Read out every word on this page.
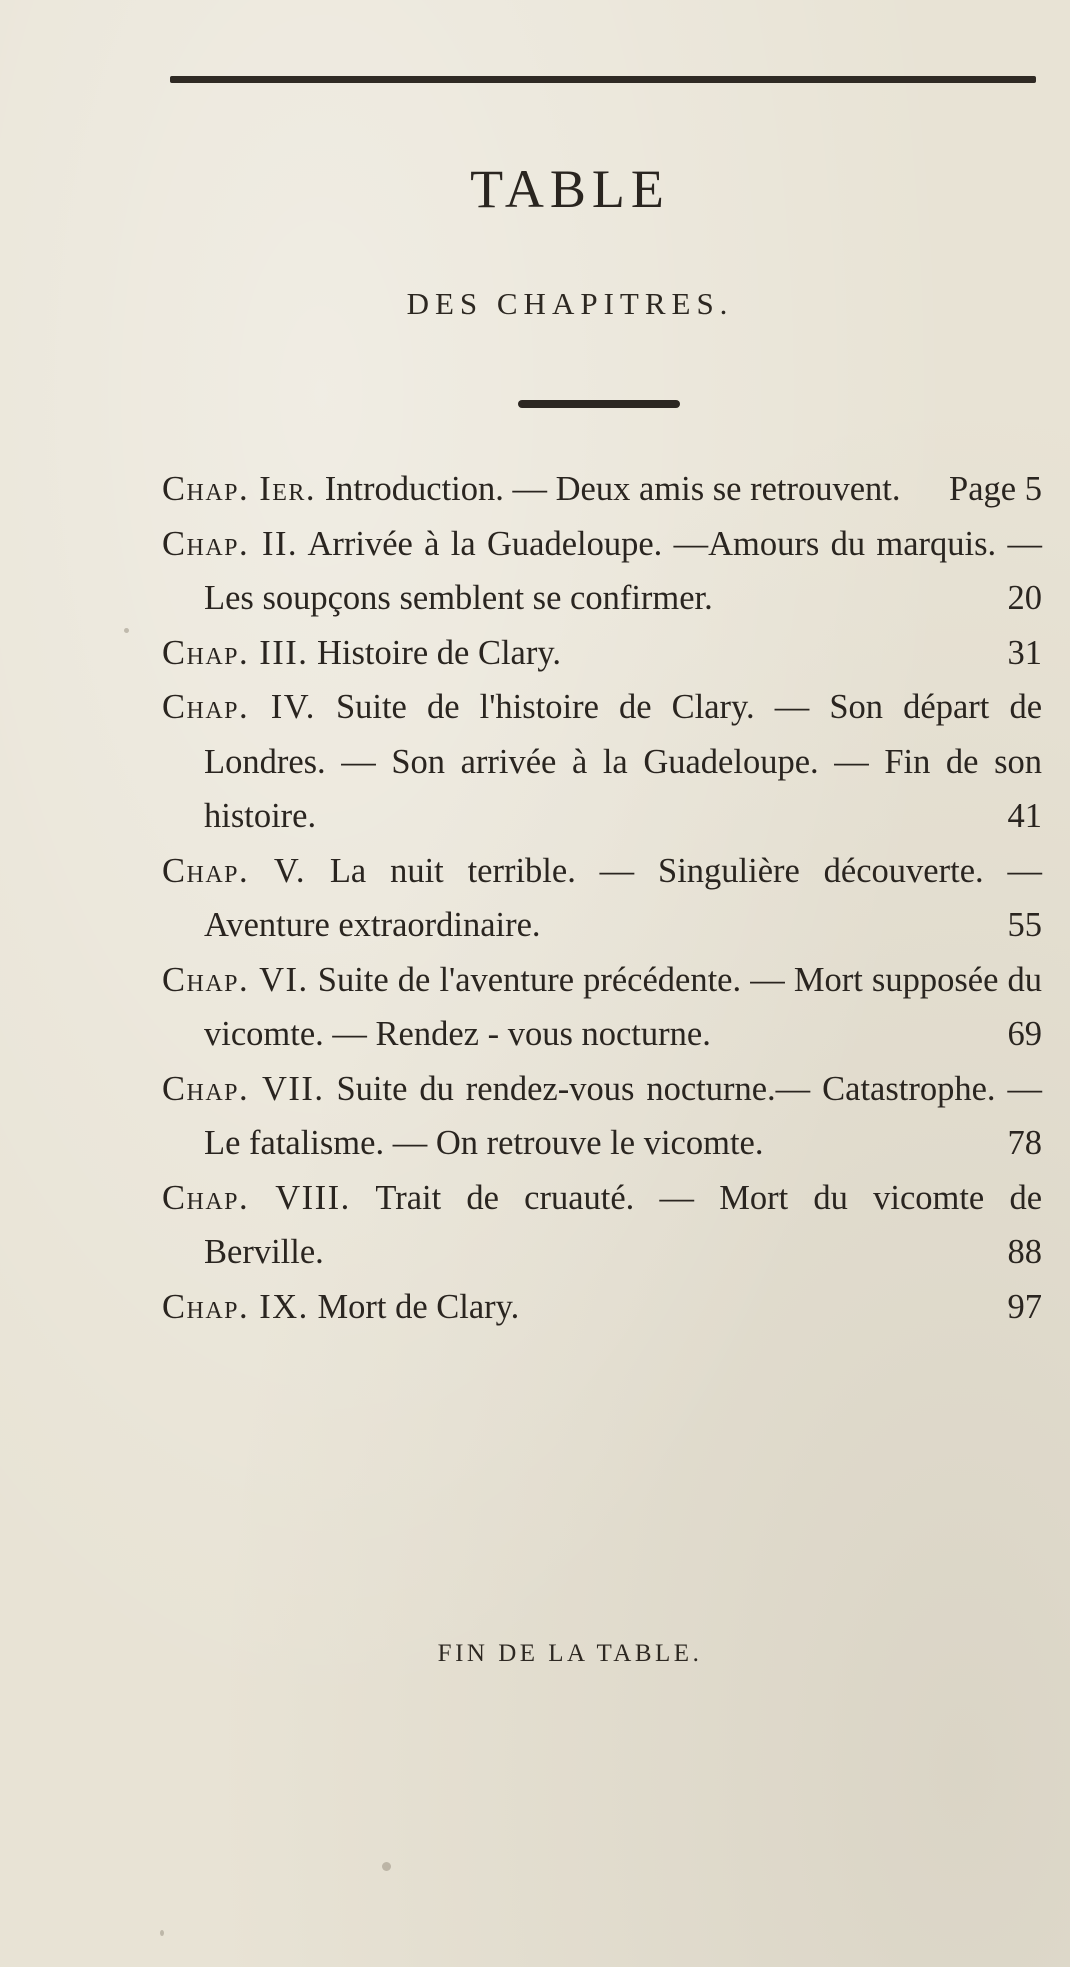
TABLE
DES CHAPITRES.
Chap. Ier. Introduction. — Deux amis se retrouvent.	Page 5
Chap. II. Arrivée à la Guadeloupe. —Amours du marquis. — Les soupçons semblent se confirmer.	20
Chap. III. Histoire de Clary.	31
Chap. IV. Suite de l'histoire de Clary. — Son départ de Londres. — Son arrivée à la Guadeloupe. — Fin de son histoire.	41
Chap. V. La nuit terrible. — Singulière découverte. — Aventure extraordinaire.	55
Chap. VI. Suite de l'aventure précédente. — Mort supposée du vicomte. — Rendez - vous nocturne.	69
Chap. VII. Suite du rendez-vous nocturne.— Catastrophe. — Le fatalisme. — On retrouve le vicomte.	78
Chap. VIII. Trait de cruauté. — Mort du vicomte de Berville.	88
Chap. IX. Mort de Clary.	97
FIN DE LA TABLE.
